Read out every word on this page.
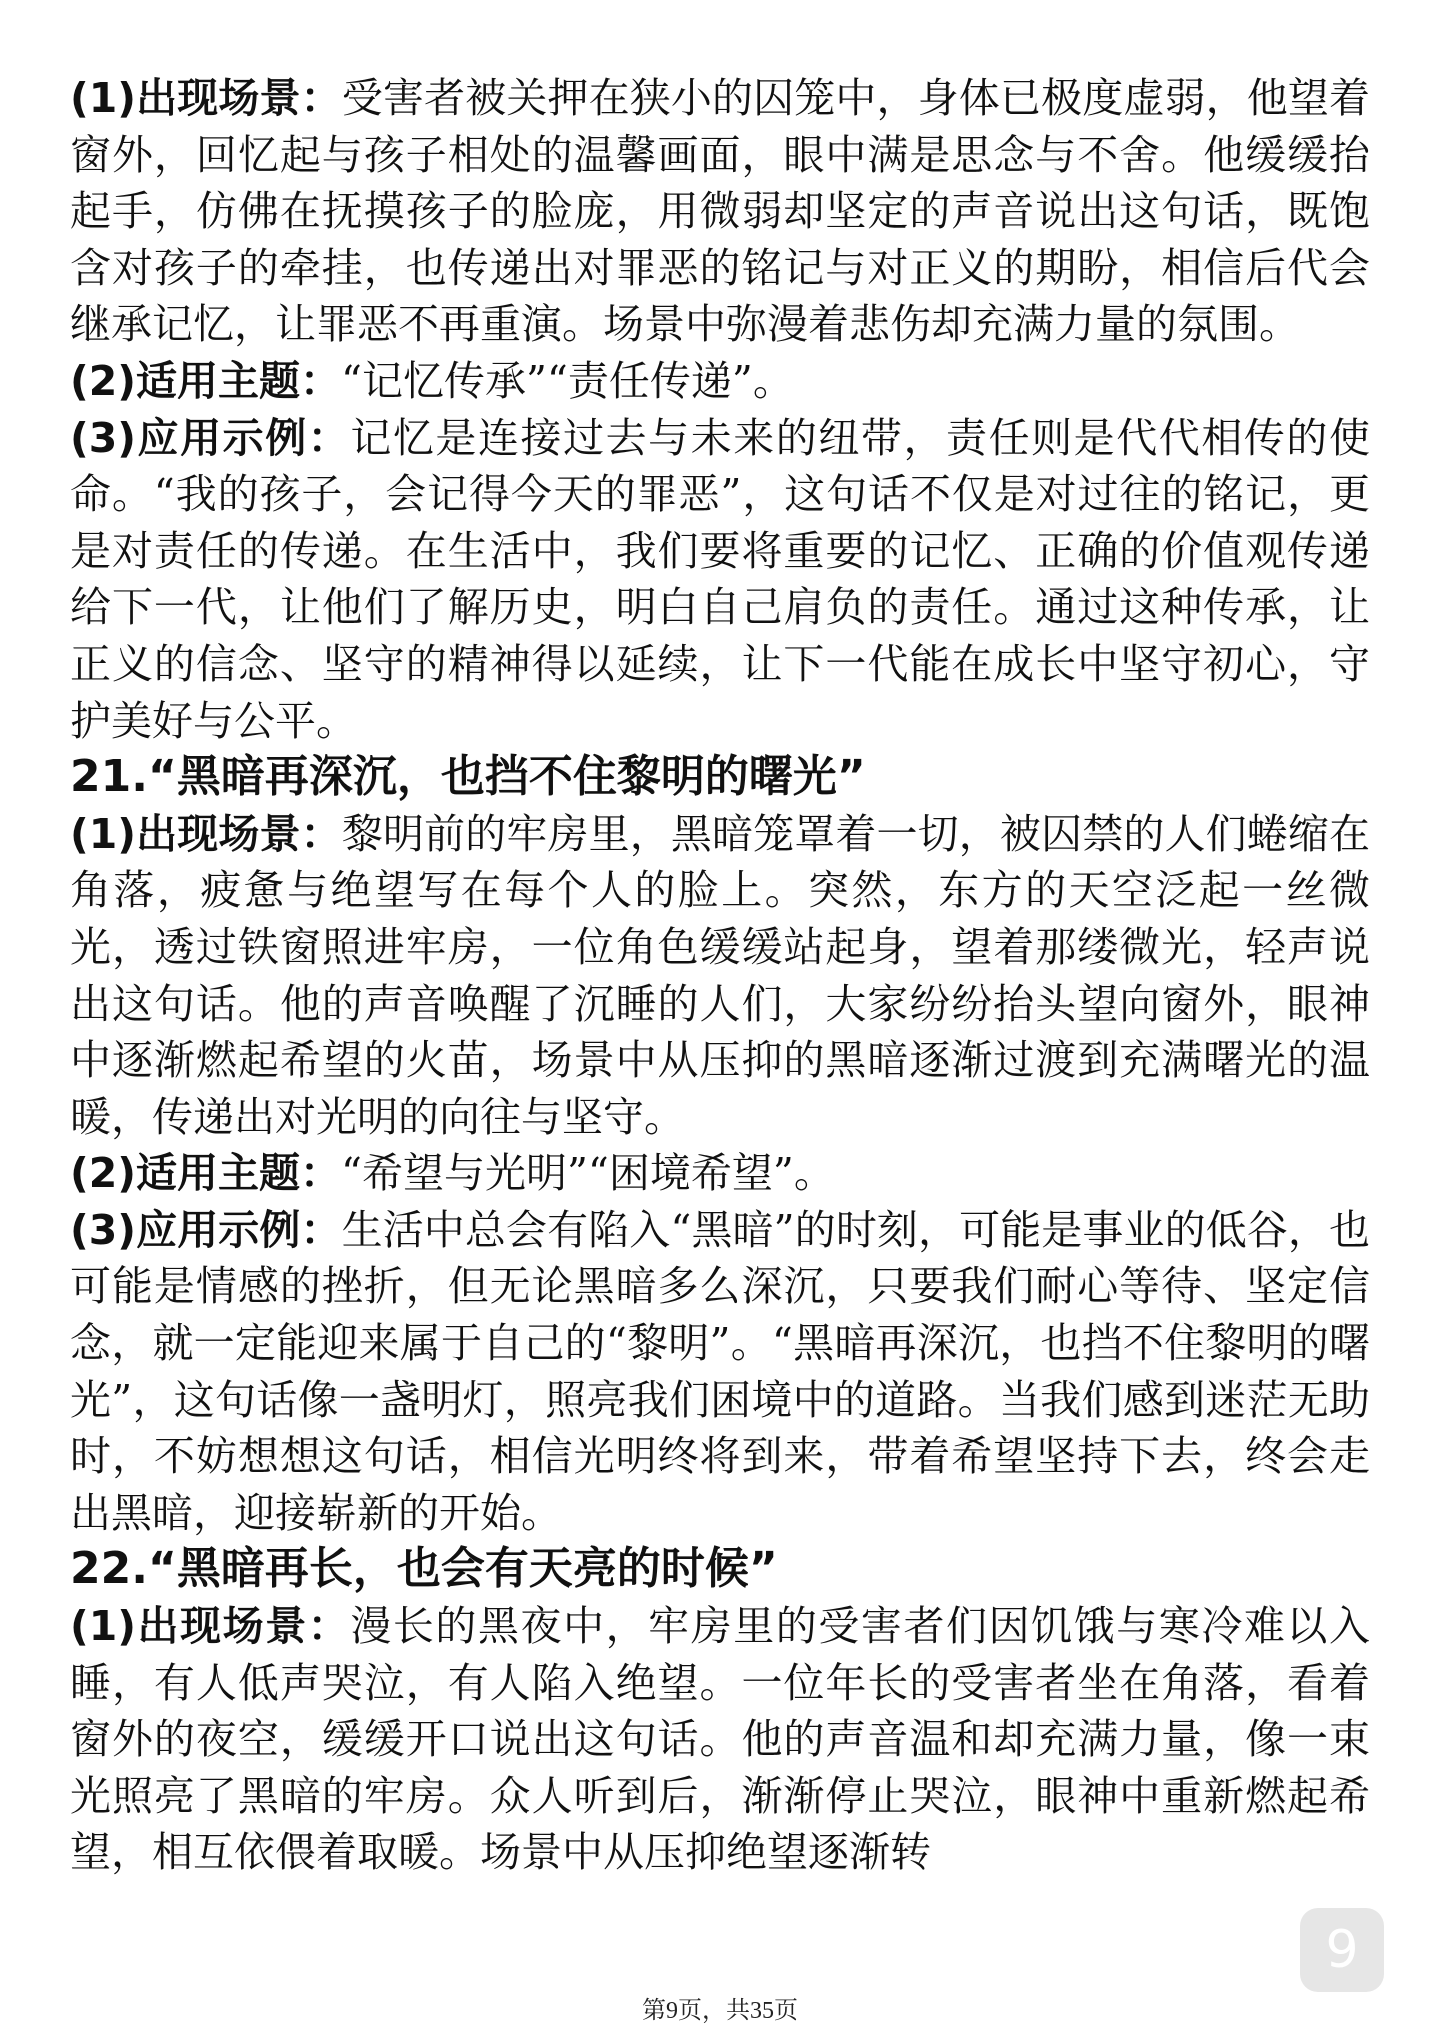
(1)出现场景：受害者被关押在狭小的囚笼中，身体已极度虚弱，他望着窗外，回忆起与孩子相处的温馨画面，眼中满是思念与不舍。他缓缓抬起手，仿佛在抚摸孩子的脸庞，用微弱却坚定的声音说出这句话，既饱含对孩子的牵挂，也传递出对罪恶的铭记与对正义的期盼，相信后代会继承记忆，让罪恶不再重演。场景中弥漫着悲伤却充满力量的氛围。

(2)适用主题：“记忆传承”“责任传递”。

(3)应用示例：记忆是连接过去与未来的纽带，责任则是代代相传的使命。“我的孩子，会记得今天的罪恶”，这句话不仅是对过往的铭记，更是对责任的传递。在生活中，我们要将重要的记忆、正确的价值观传递给下一代，让他们了解历史，明白自己肩负的责任。通过这种传承，让正义的信念、坚守的精神得以延续，让下一代能在成长中坚守初心，守护美好与公平。

21.“黑暗再深沉，也挡不住黎明的曙光”

(1)出现场景：黎明前的牢房里，黑暗笼罩着一切，被囚禁的人们蜷缩在角落，疲惫与绝望写在每个人的脸上。突然，东方的天空泛起一丝微光，透过铁窗照进牢房，一位角色缓缓站起身，望着那缕微光，轻声说出这句话。他的声音唤醒了沉睡的人们，大家纷纷抬头望向窗外，眼神中逐渐燃起希望的火苗，场景中从压抑的黑暗逐渐过渡到充满曙光的温暖，传递出对光明的向往与坚守。

(2)适用主题：“希望与光明”“困境希望”。

(3)应用示例：生活中总会有陷入“黑暗”的时刻，可能是事业的低谷，也可能是情感的挫折，但无论黑暗多么深沉，只要我们耐心等待、坚定信念，就一定能迎来属于自己的“黎明”。“黑暗再深沉，也挡不住黎明的曙光”，这句话像一盏明灯，照亮我们困境中的道路。当我们感到迷茫无助时，不妨想想这句话，相信光明终将到来，带着希望坚持下去，终会走出黑暗，迎接崭新的开始。

22.“黑暗再长，也会有天亮的时候”

(1)出现场景：漫长的黑夜中，牢房里的受害者们因饥饿与寒冷难以入睡，有人低声哭泣，有人陷入绝望。一位年长的受害者坐在角落，看着窗外的夜空，缓缓开口说出这句话。他的声音温和却充满力量，像一束光照亮了黑暗的牢房。众人听到后，渐渐停止哭泣，眼神中重新燃起希望，相互依偎着取暖。场景中从压抑绝望逐渐转

9
第9页，共35页
